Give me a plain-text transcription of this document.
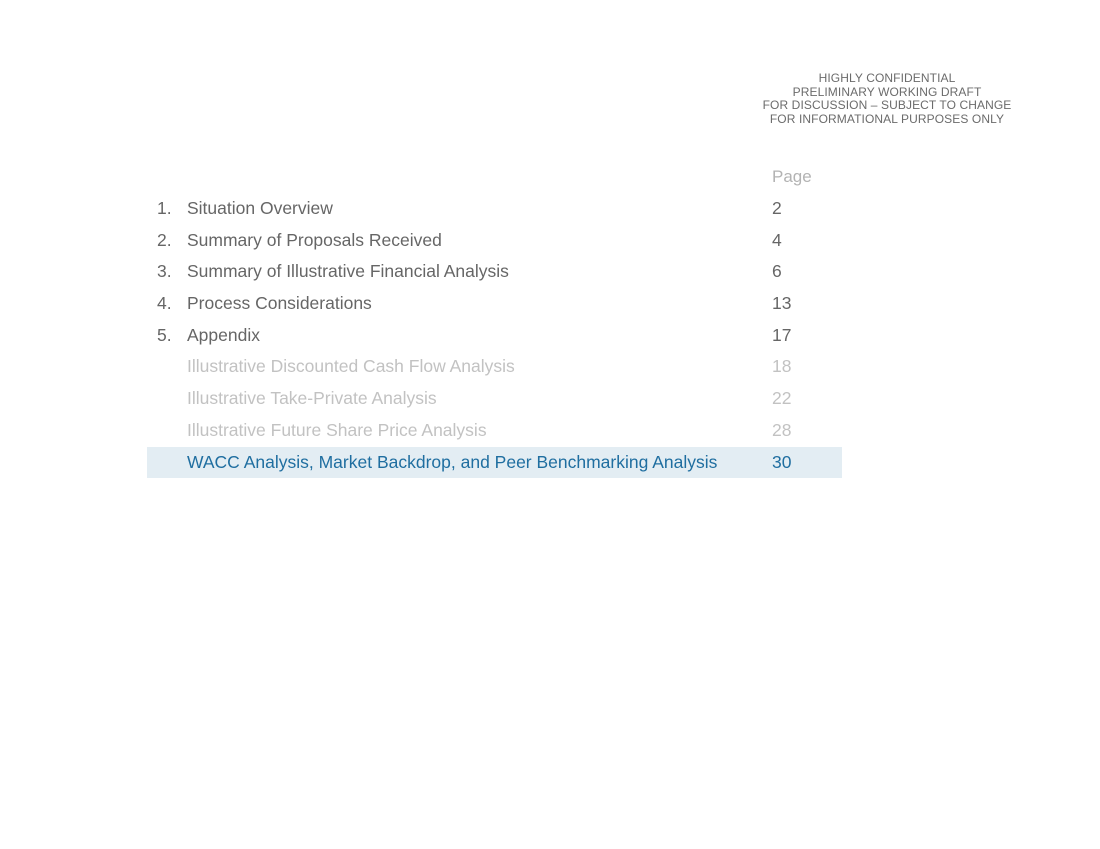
HIGHLY CONFIDENTIAL
PRELIMINARY WORKING DRAFT
FOR DISCUSSION – SUBJECT TO CHANGE
FOR INFORMATIONAL PURPOSES ONLY
Page
1. Situation Overview	2
2. Summary of Proposals Received	4
3. Summary of Illustrative Financial Analysis	6
4. Process Considerations	13
5. Appendix	17
Illustrative Discounted Cash Flow Analysis	18
Illustrative Take-Private Analysis	22
Illustrative Future Share Price Analysis	28
WACC Analysis, Market Backdrop, and Peer Benchmarking Analysis	30
